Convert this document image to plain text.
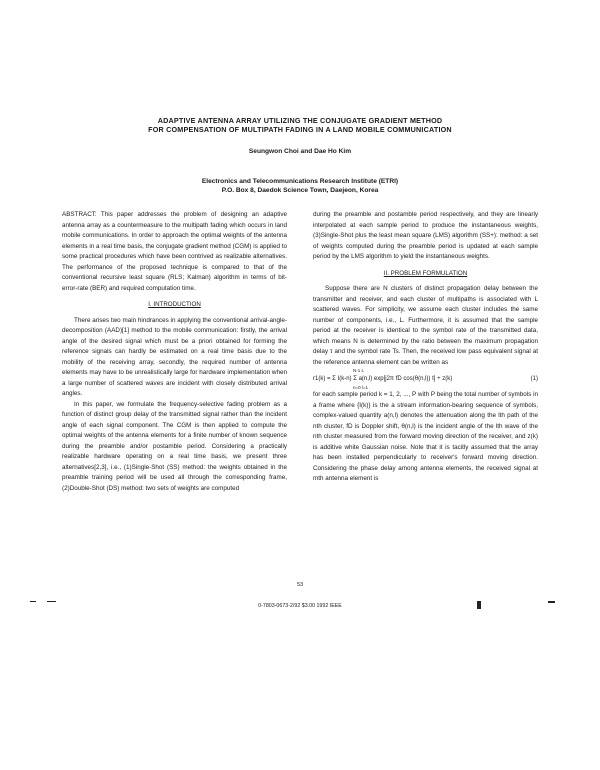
ADAPTIVE ANTENNA ARRAY UTILIZING THE CONJUGATE GRADIENT METHOD
FOR COMPENSATION OF MULTIPATH FADING IN A LAND MOBILE COMMUNICATION
Seungwon Choi and Dae Ho Kim
Electronics and Telecommunications Research Institute (ETRI)
P.O. Box 8, Daedok Science Town, Daejeon, Korea

ABSTRACT: This paper addresses the problem of designing an adaptive antenna array as a countermeasure to the multipath fading which occurs in land mobile communications. In order to approach the optimal weights of the antenna elements in a real time basis, the conjugate gradient method (CGM) is applied to some practical procedures which have been contrived as realizable alternatives. The performance of the proposed technique is compared to that of the conventional recursive least square (RLS; Kalman) algorithm in terms of bit-error-rate (BER) and required computation time.

I. INTRODUCTION

There arises two main hindrances in applying the conventional arrival-angle-decomposition (AAD)[1] method to the mobile communication: firstly, the arrival angle of the desired signal which must be a priori obtained for forming the reference signals can hardly be estimated on a real time basis due to the mobility of the receiving array, secondly, the required number of antenna elements may have to be unrealistically large for hardware implementation when a large number of scattered waves are incident with closely distributed arrival angles.

In this paper, we formulate the frequency-selective fading problem as a function of distinct group delay of the transmitted signal rather than the incident angle of each signal component. The CGM is then applied to compute the optimal weights of the antenna elements for a finite number of known sequence during the preamble and/or postamble period. Considering a practically realizable hardware operating on a real time basis, we present three alternatives[2,3], i.e., (1)Single-Shot (SS) method: the weights obtained in the preamble training period will be used all through the corresponding frame, (2)Double-Shot (DS) method: two sets of weights are computed

during the preamble and postamble period respectively, and they are linearly interpolated at each sample period to produce the instantaneous weights, (3)Single-Shot plus the least mean square (LMS) algorithm (SS+): method: a set of weights computed during the preamble period is updated at each sample period by the LMS algorithm to yield the instantaneous weights.

II. PROBLEM FORMULATION

Suppose there are N clusters of distinct propagation delay between the transmitter and receiver, and each cluster of multipaths is associated with L scattered waves. For simplicity, we assume each cluster includes the same number of components, i.e., L. Furthermore, it is assumed that the sample period at the receiver is identical to the symbol rate of the transmitted data, which means N is determined by the ratio between the maximum propagation delay τ and the symbol rate Ts. Then, the received low pass equivalent signal at the reference antenna element can be written as

N-1 L
r1(k) = Σ I(k-n) Σ a(n,l) exp[j2π fD cos(θ(n,l)) t] + z(k)	(1)
n=0 l=1

for each sample period k = 1, 2, ..., P with P being the total number of symbols in a frame where {I(k)} is the a stream information-bearing sequence of symbols, complex-valued quantity a(n,l) denotes the attenuation along the lth path of the nth cluster, fD is Doppler shift, θ(n,l) is the incident angle of the lth wave of the nth cluster measured from the forward moving direction of the receiver, and z(k) is additive white Gaussian noise. Note that it is tacitly assumed that the array has been installed perpendicularly to receiver's forward moving direction. Considering the phase delay among antenna elements, the received signal at mth antenna element is

53
0-7803-0673-2/92 $3.00 1992 IEEE
